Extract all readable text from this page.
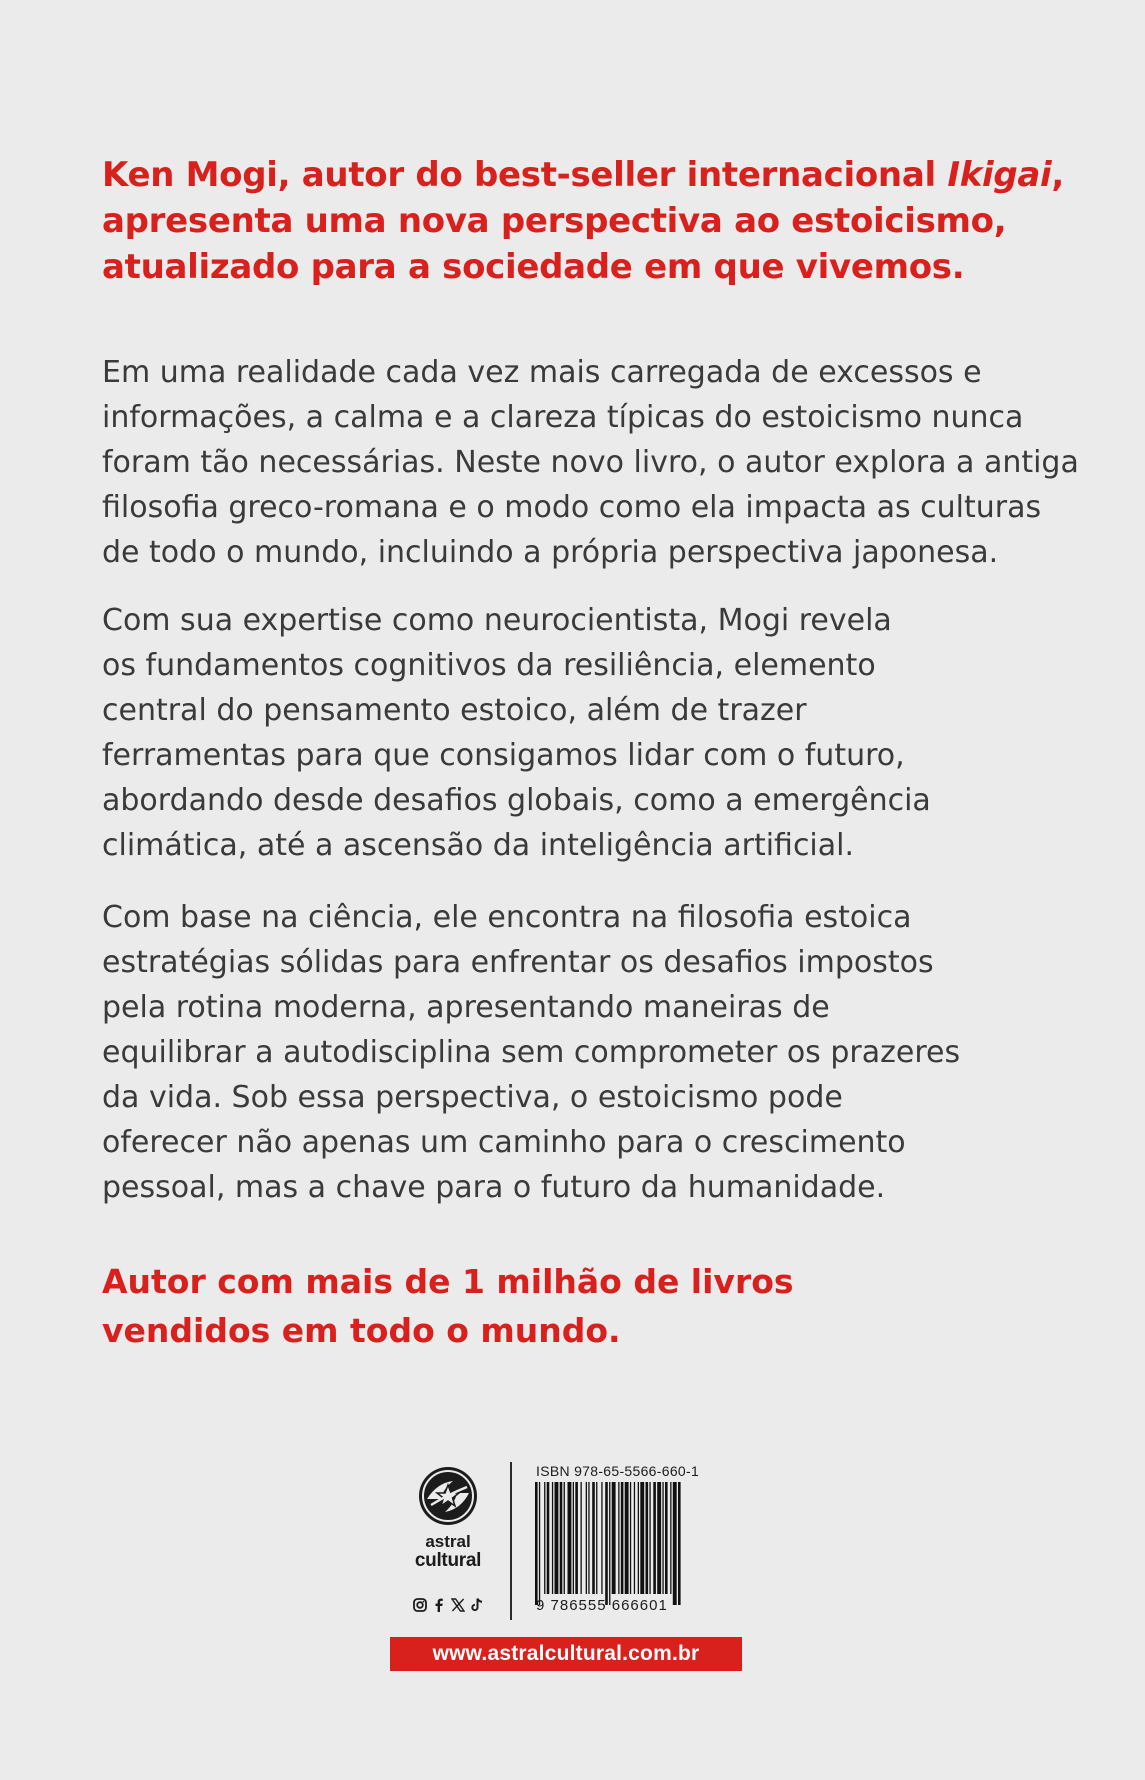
Ken Mogi, autor do best-seller internacional Ikigai,
apresenta uma nova perspectiva ao estoicismo,
atualizado para a sociedade em que vivemos.
Em uma realidade cada vez mais carregada de excessos e
informações, a calma e a clareza típicas do estoicismo nunca
foram tão necessárias. Neste novo livro, o autor explora a antiga
filosofia greco-romana e o modo como ela impacta as culturas
de todo o mundo, incluindo a própria perspectiva japonesa.
Com sua expertise como neurocientista, Mogi revela
os fundamentos cognitivos da resiliência, elemento
central do pensamento estoico, além de trazer
ferramentas para que consigamos lidar com o futuro,
abordando desde desafios globais, como a emergência
climática, até a ascensão da inteligência artificial.
Com base na ciência, ele encontra na filosofia estoica
estratégias sólidas para enfrentar os desafios impostos
pela rotina moderna, apresentando maneiras de
equilibrar a autodisciplina sem comprometer os prazeres
da vida. Sob essa perspectiva, o estoicismo pode
oferecer não apenas um caminho para o crescimento
pessoal, mas a chave para o futuro da humanidade.
Autor com mais de 1 milhão de livros
vendidos em todo o mundo.
astral
cultural
ISBN 978-65-5566-660-1
9 786555 666601
www.astralcultural.com.br
